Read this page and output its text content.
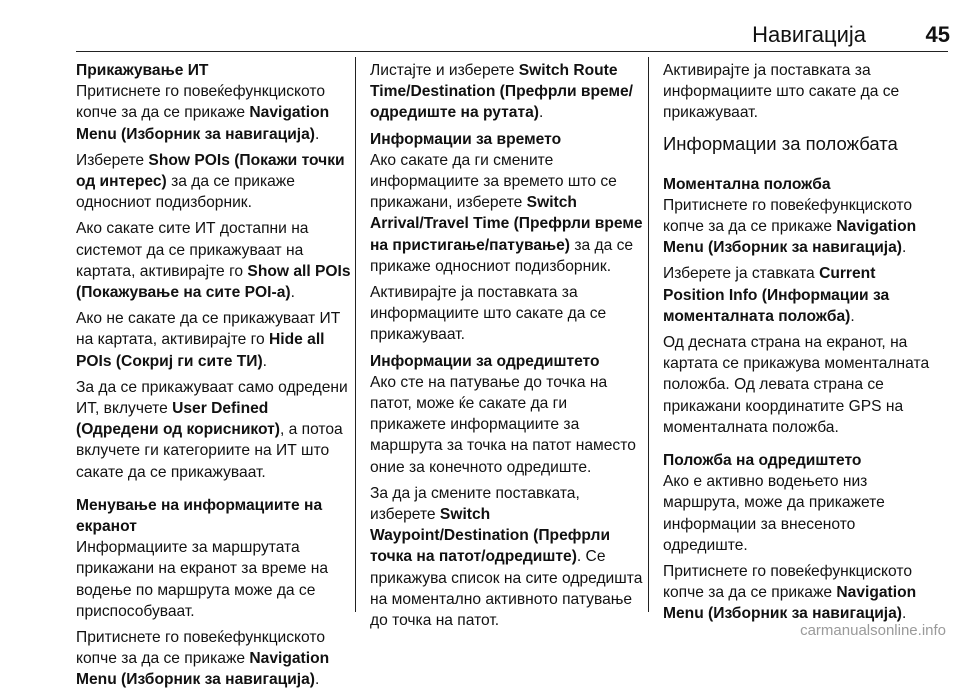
Навигација	45
Прикажување ИТ

Притиснете го повеќефункциското копче за да се прикаже Navigation Menu (Изборник за навигација).

Изберете Show POIs (Покажи точки од интерес) за да се прикаже односниот подизборник.

Ако сакате сите ИТ достапни на системот да се прикажуваат на картата, активирајте го Show all POIs (Покажување на сите POI-a).

Ако не сакате да се прикажуваат ИТ на картата, активирајте го Hide all POIs (Сокриј ги сите ТИ).

За да се прикажуваат само одредени ИТ, вклучете User Defined (Одредени од корисникот), а потоа вклучете ги категориите на ИТ што сакате да се прикажуваат.

Менување на информациите на екранот

Информациите за маршрутата прикажани на екранот за време на водење по маршрута може да се приспособуваат.

Притиснете го повеќефункциското копче за да се прикаже Navigation Menu (Изборник за навигација).

Листајте и изберете Switch Route Time/Destination (Префрли време/одредиште на рутата).

Информации за времето

Ако сакате да ги смените информациите за времето што се прикажани, изберете Switch Arrival/Travel Time (Префрли време на пристигање/патување) за да се прикаже односниот подизборник.

Активирајте ја поставката за информациите што сакате да се прикажуваат.

Информации за одредиштето

Ако сте на патување до точка на патот, може ќе сакате да ги прикажете информациите за маршрута за точка на патот наместо оние за конечното одредиште.

За да ја смените поставката, изберете Switch Waypoint/Destination (Префрли точка на патот/одредиште). Се прикажува список на сите одредишта на моментално активното патување до точка на патот.

Активирајте ја поставката за информациите што сакате да се прикажуваат.

Информации за положбата
Моментална положба

Притиснете го повеќефункциското копче за да се прикаже Navigation Menu (Изборник за навигација).

Изберете ја ставката Current Position Info (Информации за моменталната положба).

Од десната страна на екранот, на картата се прикажува моменталната положба. Од левата страна се прикажани координатите GPS на моменталната положба.

Положба на одредиштето

Ако е активно водењето низ маршрута, може да прикажете информации за внесеното одредиште.

Притиснете го повеќефункциското копче за да се прикаже Navigation Menu (Изборник за навигација).

carmanualsonline.info
